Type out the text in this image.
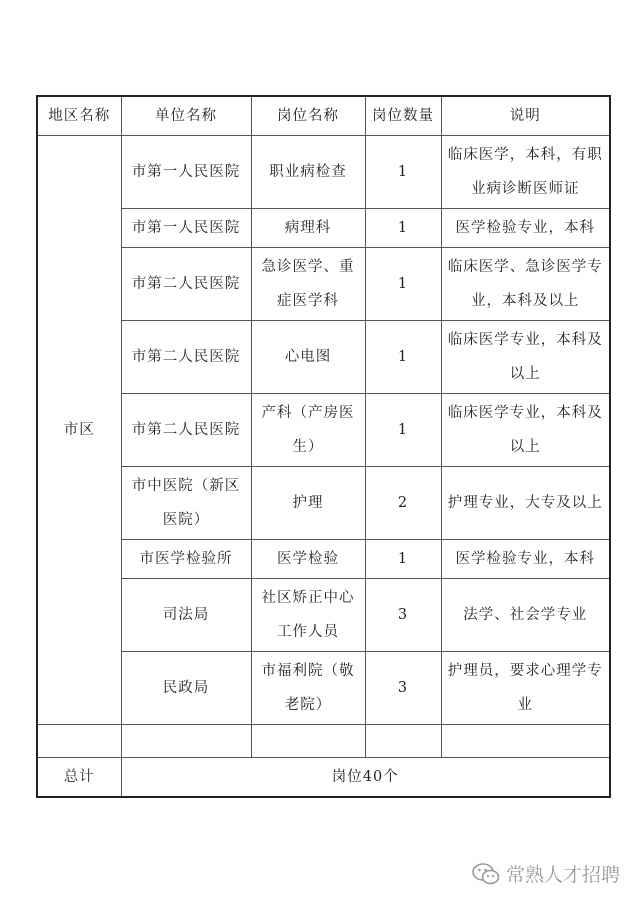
地区名称	单位名称	岗位名称	岗位数量	说明
市区	市第一人民医院	职业病检查	1	临床医学，本科，有职业病诊断医师证
	市第一人民医院	病理科	1	医学检验专业，本科
	市第二人民医院	急诊医学、重症医学科	1	临床医学、急诊医学专业，本科及以上
	市第二人民医院	心电图	1	临床医学专业，本科及以上
	市第二人民医院	产科（产房医生）	1	临床医学专业，本科及以上
	市中医院（新区医院）	护理	2	护理专业，大专及以上
	市医学检验所	医学检验	1	医学检验专业，本科
	司法局	社区矫正中心工作人员	3	法学、社会学专业
	民政局	市福利院（敬老院）	3	护理员，要求心理学专业

总计	岗位40个			
常熟人才招聘
